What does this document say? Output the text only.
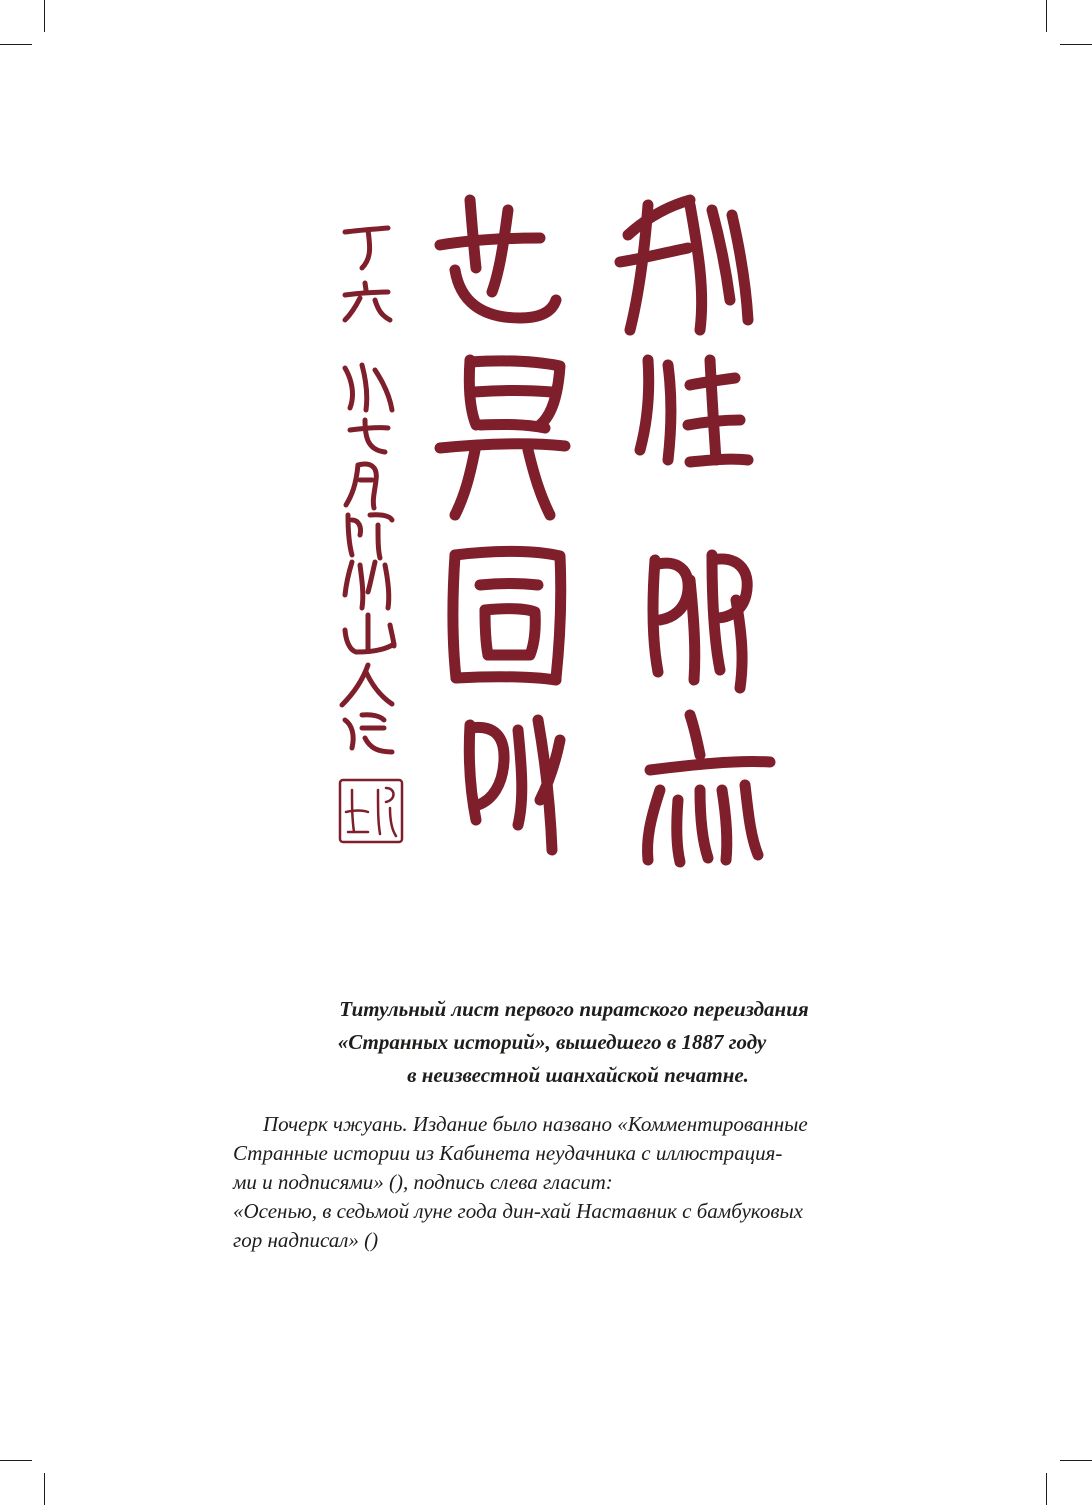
Титульный лист первого пиратского переиздания
«Странных историй», вышедшего в 1887 году
в неизвестной шанхайской печатне.
Почерк чжуань. Издание было названо «Комментированные
Странные истории из Кабинета неудачника с иллюстрация-
ми и подписями» (), подпись слева гласит:
«Осенью, в седьмой луне года дин-хай Наставник с бамбуковых
гор надписал» ()
